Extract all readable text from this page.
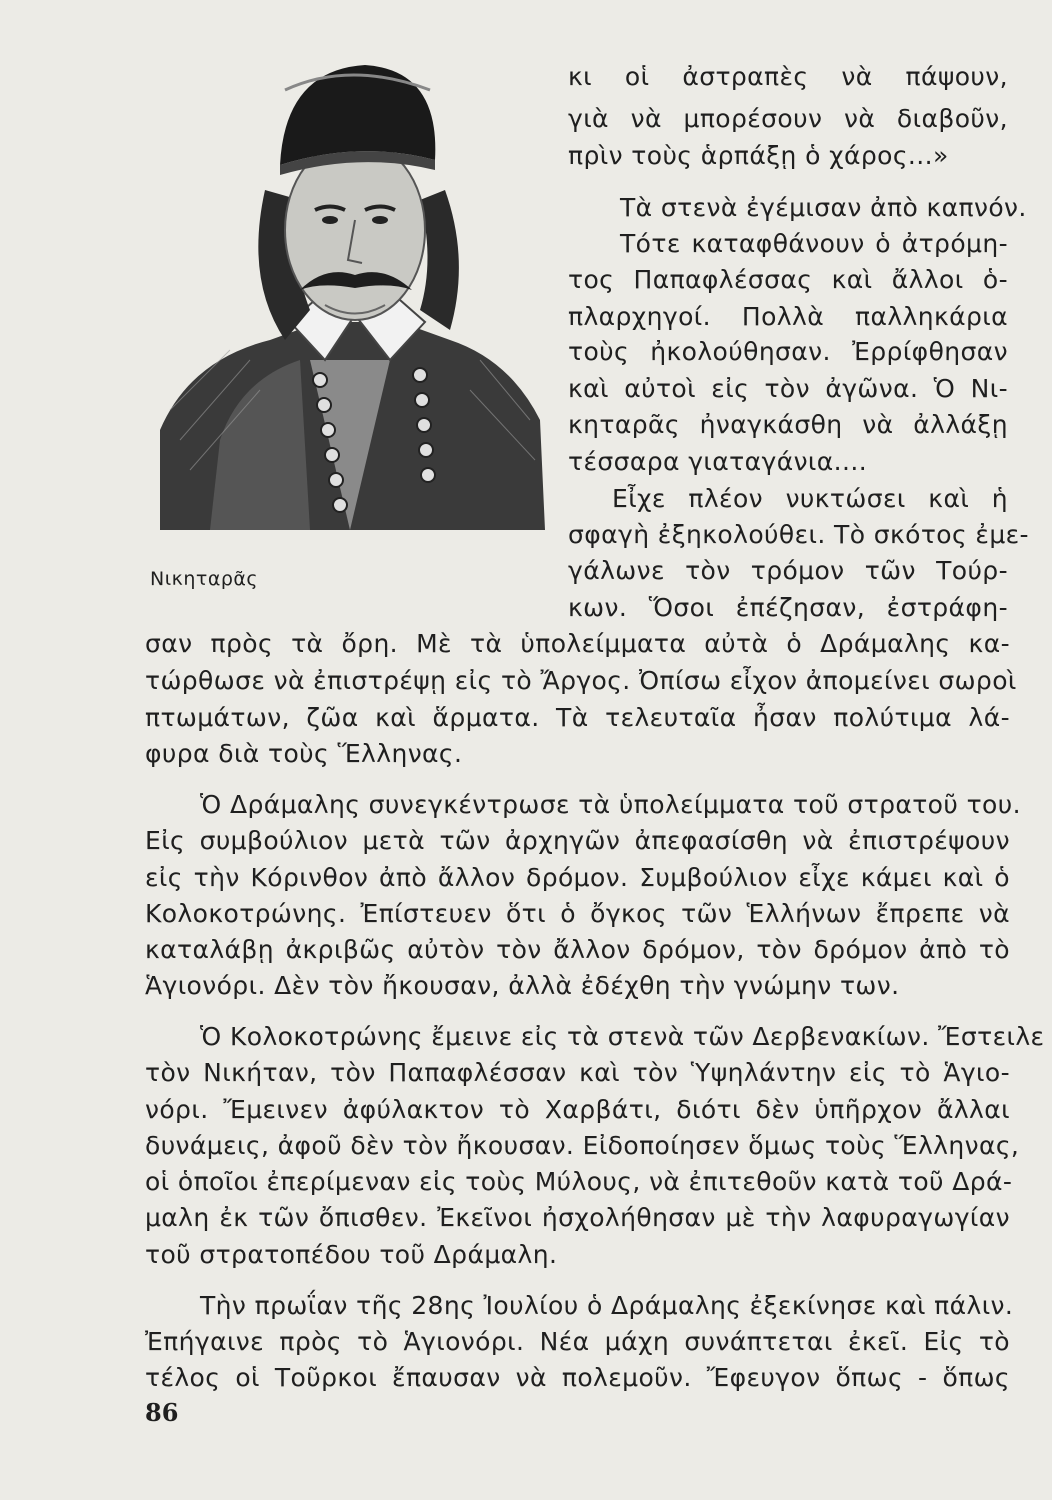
Νικηταρᾶς
κι οἱ ἀστραπὲς νὰ πάψουν,
γιὰ νὰ μπορέσουν νὰ διαβοῦν,
πρὶν τοὺς ἁρπάξῃ ὁ χάρος...»
Τὰ στενὰ ἐγέμισαν ἀπὸ καπνόν.
Τότε καταφθάνουν ὁ ἀτρόμη-
τος Παπαφλέσσας καὶ ἄλλοι ὁ-
πλαρχηγοί. Πολλὰ παλληκάρια
τοὺς ἠκολούθησαν. Ἐρρίφθησαν
καὶ αὐτοὶ εἰς τὸν ἀγῶνα. Ὁ Νι-
κηταρᾶς ἠναγκάσθη νὰ ἀλλάξῃ
τέσσαρα γιαταγάνια....
Εἶχε πλέον νυκτώσει καὶ ἡ
σφαγὴ ἐξηκολούθει. Τὸ σκότος ἐμε-
γάλωνε τὸν τρόμον τῶν Τούρ-
κων. Ὅσοι ἐπέζησαν, ἐστράφη-
σαν πρὸς τὰ ὄρη. Μὲ τὰ ὑπολείμματα αὐτὰ ὁ Δράμαλης κα-
τώρθωσε νὰ ἐπιστρέψῃ εἰς τὸ Ἄργος. Ὀπίσω εἶχον ἀπομείνει σωροὶ
πτωμάτων, ζῶα καὶ ἅρματα. Τὰ τελευταῖα ἦσαν πολύτιμα λά-
φυρα διὰ τοὺς Ἕλληνας.
Ὁ Δράμαλης συνεγκέντρωσε τὰ ὑπολείμματα τοῦ στρατοῦ του.
Εἰς συμβούλιον μετὰ τῶν ἀρχηγῶν ἀπεφασίσθη νὰ ἐπιστρέψουν
εἰς τὴν Κόρινθον ἀπὸ ἄλλον δρόμον. Συμβούλιον εἶχε κάμει καὶ ὁ
Κολοκοτρώνης. Ἐπίστευεν ὅτι ὁ ὄγκος τῶν Ἑλλήνων ἔπρεπε νὰ
καταλάβῃ ἀκριβῶς αὐτὸν τὸν ἄλλον δρόμον, τὸν δρόμον ἀπὸ τὸ
Ἁγιονόρι. Δὲν τὸν ἤκουσαν, ἀλλὰ ἐδέχθη τὴν γνώμην των.
Ὁ Κολοκοτρώνης ἔμεινε εἰς τὰ στενὰ τῶν Δερβενακίων. Ἔστειλε
τὸν Νικήταν, τὸν Παπαφλέσσαν καὶ τὸν Ὑψηλάντην εἰς τὸ Ἁγιο-
νόρι. Ἔμεινεν ἀφύλακτον τὸ Χαρβάτι, διότι δὲν ὑπῆρχον ἄλλαι
δυνάμεις, ἀφοῦ δὲν τὸν ἤκουσαν. Εἰδοποίησεν ὅμως τοὺς Ἕλληνας,
οἱ ὁποῖοι ἐπερίμεναν εἰς τοὺς Μύλους, νὰ ἐπιτεθοῦν κατὰ τοῦ Δρά-
μαλη ἐκ τῶν ὄπισθεν. Ἐκεῖνοι ἠσχολήθησαν μὲ τὴν λαφυραγωγίαν
τοῦ στρατοπέδου τοῦ Δράμαλη.
Τὴν πρωΐαν τῆς 28ης Ἰουλίου ὁ Δράμαλης ἐξεκίνησε καὶ πάλιν.
Ἐπήγαινε πρὸς τὸ Ἁγιονόρι. Νέα μάχη συνάπτεται ἐκεῖ. Εἰς τὸ
τέλος οἱ Τοῦρκοι ἔπαυσαν νὰ πολεμοῦν. Ἔφευγον ὅπως - ὅπως
86
